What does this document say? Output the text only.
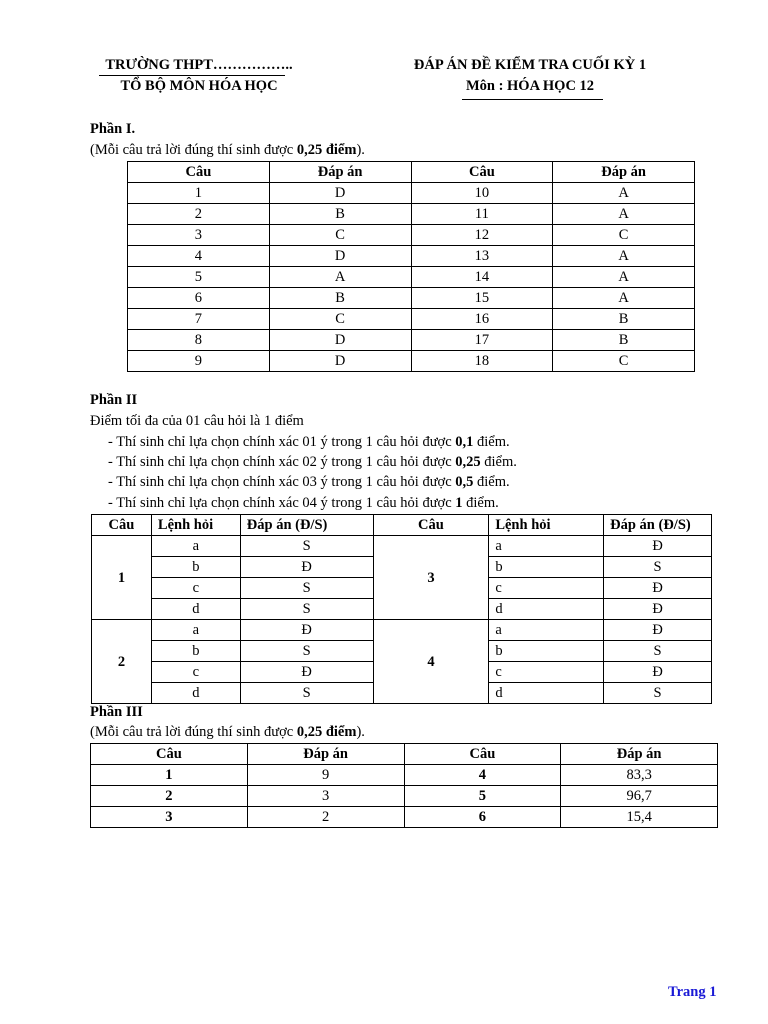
TRƯỜNG THPT……………..
TỔ BỘ MÔN HÓA HỌC
ĐÁP ÁN ĐỀ KIỂM TRA CUỐI KỲ 1
Môn : HÓA HỌC 12
Phần I.
(Mỗi câu trả lời đúng thí sinh được 0,25 điểm).
Câu	Đáp án	Câu	Đáp án
1	D	10	A
2	B	11	A
3	C	12	C
4	D	13	A
5	A	14	A
6	B	15	A
7	C	16	B
8	D	17	B
9	D	18	C
Phần II
Điểm tối đa của 01 câu hỏi là 1 điểm
- Thí sinh chỉ lựa chọn chính xác 01 ý trong 1 câu hỏi được 0,1 điểm.
- Thí sinh chỉ lựa chọn chính xác 02 ý trong 1 câu hỏi được 0,25 điểm.
- Thí sinh chỉ lựa chọn chính xác 03 ý trong 1 câu hỏi được 0,5 điểm.
- Thí sinh chỉ lựa chọn chính xác 04 ý trong 1 câu hỏi được 1 điểm.
Câu	Lệnh hỏi	Đáp án (Đ/S)	Câu	Lệnh hỏi	Đáp án (Đ/S)
1	a	S	3	a	Đ
	b	Đ		b	S
	c	S		c	Đ
	d	S		d	Đ
2	a	Đ	4	a	Đ
	b	S		b	S
	c	Đ		c	Đ
	d	S		d	S
Phần III
(Mỗi câu trả lời đúng thí sinh được 0,25 điểm).
Câu	Đáp án	Câu	Đáp án
1	9	4	83,3
2	3	5	96,7
3	2	6	15,4
Trang 1
